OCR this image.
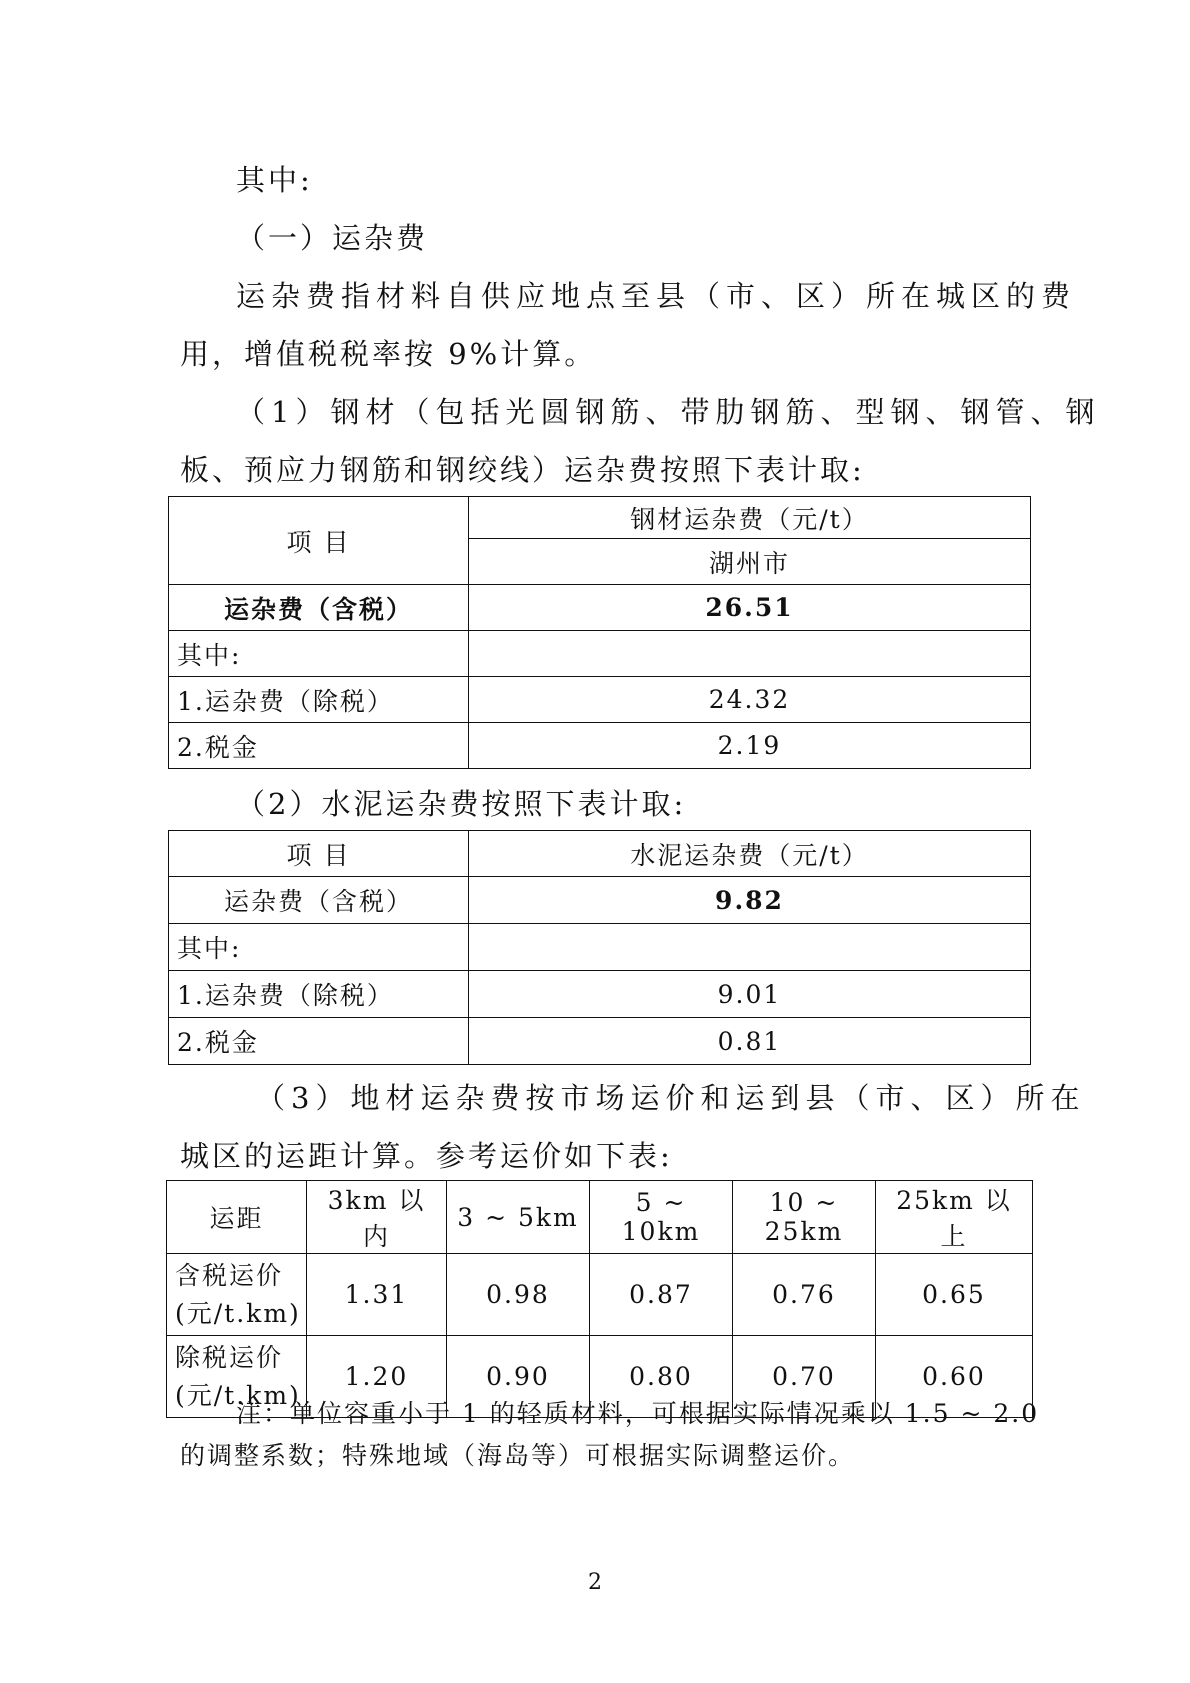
其中:

（一）运杂费

运杂费指材料自供应地点至县（市、区）所在城区的费

用，增值税税率按 9%计算。

（1）钢材（包括光圆钢筋、带肋钢筋、型钢、钢管、钢

板、预应力钢筋和钢绞线）运杂费按照下表计取:

项 目	钢材运杂费（元/t）
	湖州市
运杂费（含税）	26.51
其中:	
1.运杂费（除税）	24.32
2.税金	2.19

（2）水泥运杂费按照下表计取:

项 目	水泥运杂费（元/t）
运杂费（含税）	9.82
其中:	
1.运杂费（除税）	9.01
2.税金	0.81

（3）地材运杂费按市场运价和运到县（市、区）所在

城区的运距计算。参考运价如下表:

运距	3km 以内	3 ~ 5km	5 ~ 10km	10 ~ 25km	25km 以上

含税运价
(元/t.km)	1.31	0.98	0.87	0.76	0.65

除税运价
(元/t.km)	1.20	0.90	0.80	0.70	0.60

注：单位容重小于 1 的轻质材料，可根据实际情况乘以 1.5 ~ 2.0

的调整系数；特殊地域（海岛等）可根据实际调整运价。

2
